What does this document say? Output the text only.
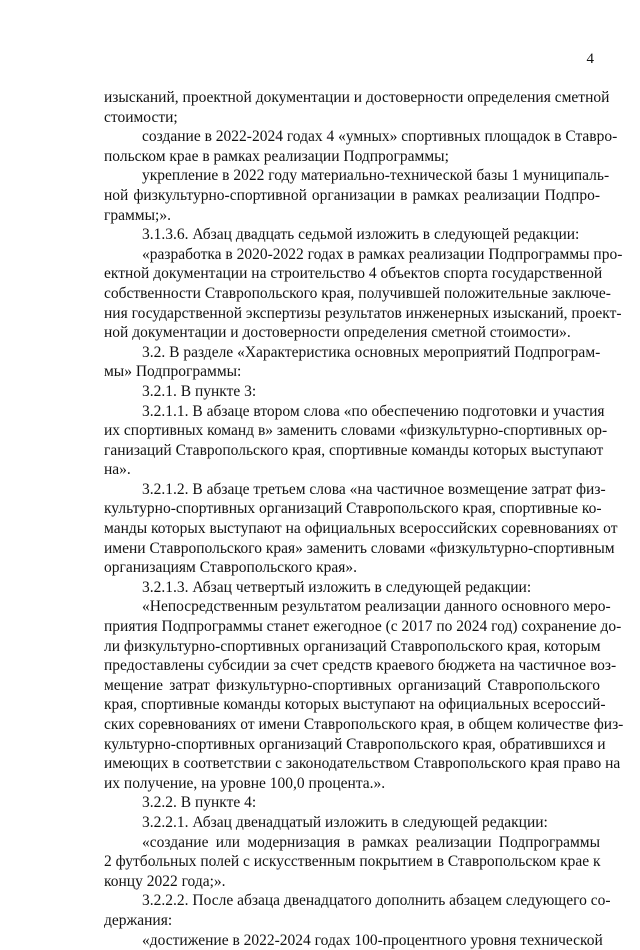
4
изысканий, проектной документации и достоверности определения сметной
стоимости;
создание в 2022-2024 годах 4 «умных» спортивных площадок в Ставро-
польском крае в рамках реализации Подпрограммы;
укрепление в 2022 году материально-технической базы 1 муниципаль-
ной физкультурно-спортивной организации в рамках реализации Подпро-
граммы;».
3.1.3.6. Абзац двадцать седьмой изложить в следующей редакции:
«разработка в 2020-2022 годах в рамках реализации Подпрограммы про-
ектной документации на строительство 4 объектов спорта государственной
собственности Ставропольского края, получившей положительные заключе-
ния государственной экспертизы результатов инженерных изысканий, проект-
ной документации и достоверности определения сметной стоимости».
3.2. В разделе «Характеристика основных мероприятий Подпрограм-
мы» Подпрограммы:
3.2.1. В пункте 3:
3.2.1.1. В абзаце втором слова «по обеспечению подготовки и участия
их спортивных команд в» заменить словами «физкультурно-спортивных ор-
ганизаций Ставропольского края, спортивные команды которых выступают
на».
3.2.1.2. В абзаце третьем слова «на частичное возмещение затрат физ-
культурно-спортивных организаций Ставропольского края, спортивные ко-
манды которых выступают на официальных всероссийских соревнованиях от
имени Ставропольского края» заменить словами «физкультурно-спортивным
организациям Ставропольского края».
3.2.1.3. Абзац четвертый изложить в следующей редакции:
«Непосредственным результатом реализации данного основного меро-
приятия Подпрограммы станет ежегодное (с 2017 по 2024 год) сохранение до-
ли физкультурно-спортивных организаций Ставропольского края, которым
предоставлены субсидии за счет средств краевого бюджета на частичное воз-
мещение затрат физкультурно-спортивных организаций Ставропольского
края, спортивные команды которых выступают на официальных всероссий-
ских соревнованиях от имени Ставропольского края, в общем количестве физ-
культурно-спортивных организаций Ставропольского края, обратившихся и
имеющих в соответствии с законодательством Ставропольского края право на
их получение, на уровне 100,0 процента.».
3.2.2. В пункте 4:
3.2.2.1. Абзац двенадцатый изложить в следующей редакции:
«создание или модернизация в рамках реализации Подпрограммы
2 футбольных полей с искусственным покрытием в Ставропольском крае к
концу 2022 года;».
3.2.2.2. После абзаца двенадцатого дополнить абзацем следующего со-
держания:
«достижение в 2022-2024 годах 100-процентного уровня технической
